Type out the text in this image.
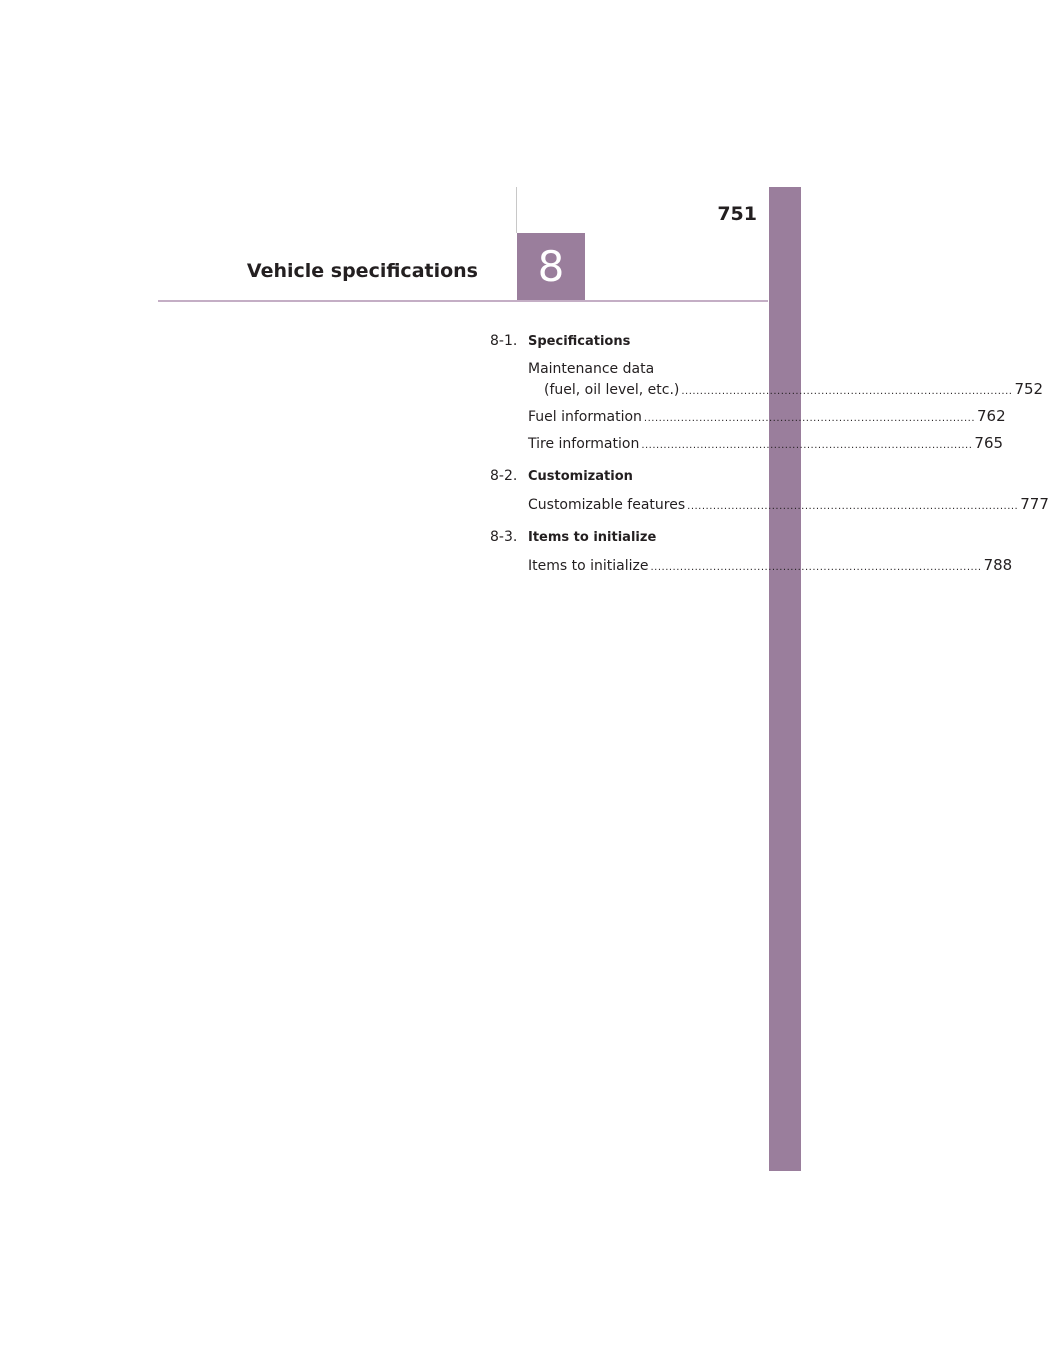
751
8
Vehicle specifications
8-1. Specifications
Maintenance data
(fuel, oil level, etc.) .......................................................................................... 752
Fuel information .......................................................................................... 762
Tire information .......................................................................................... 765
8-2. Customization
Customizable features .......................................................................................... 777
8-3. Items to initialize
Items to initialize .......................................................................................... 788
